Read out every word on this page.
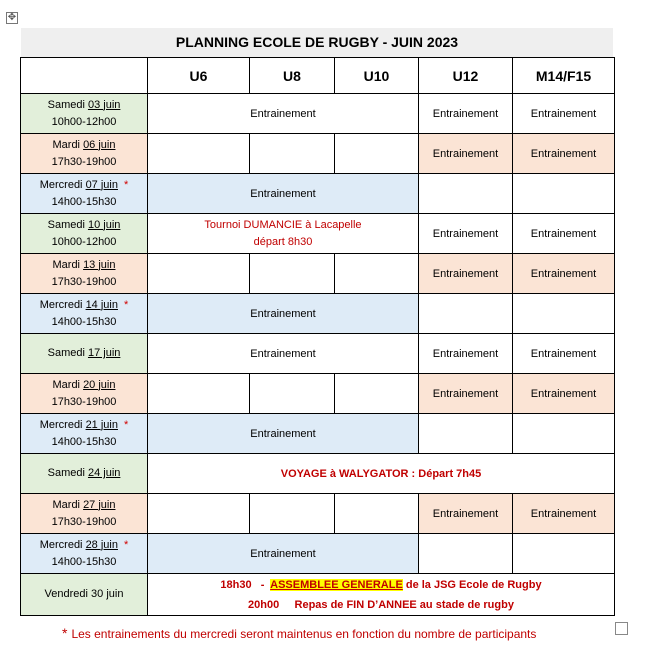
✥
PLANNING ECOLE DE RUGBY - JUIN 2023
	U6	U8	U10	U12	M14/F15
Samedi 03 juin
10h00-12h00	Entrainement			Entrainement	Entrainement
Mardi 06 juin
17h30-19h00				Entrainement	Entrainement
Mercredi 07 juin *
14h00-15h30	Entrainement				
Samedi 10 juin
10h00-12h00	Tournoi DUMANCIE à Lacapelle
départ 8h30			Entrainement	Entrainement
Mardi 13 juin
17h30-19h00				Entrainement	Entrainement
Mercredi 14 juin *
14h00-15h30	Entrainement				
Samedi 17 juin	Entrainement			Entrainement	Entrainement
Mardi 20 juin
17h30-19h00				Entrainement	Entrainement
Mercredi 21 juin *
14h00-15h30	Entrainement				
Samedi 24 juin	VOYAGE à WALYGATOR : Départ 7h45				
Mardi 27 juin
17h30-19h00				Entrainement	Entrainement
Mercredi 28 juin *
14h00-15h30	Entrainement				
Vendredi 30 juin	18h30   -  ASSEMBLEE GENERALE de la JSG Ecole de Rugby
20h00     Repas de FIN D’ANNEE au stade de rugby				
* Les entrainements du mercredi seront maintenus en fonction du nombre de participants
